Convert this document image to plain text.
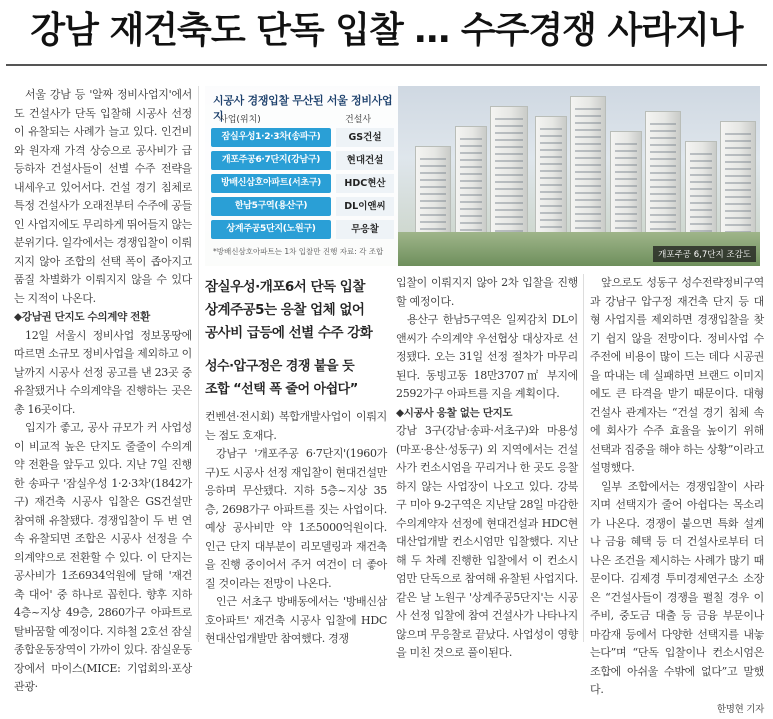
강남 재건축도 단독 입찰 … 수주경쟁 사라지나

서울 강남 등 '알짜 정비사업지'에서도 건설사가 단독 입찰해 시공사 선정이 유찰되는 사례가 늘고 있다. 인건비와 원자재 가격 상승으로 공사비가 급등하자 건설사들이 선별 수주 전략을 내세우고 있어서다. 건설 경기 침체로 특정 건설사가 오래전부터 수주에 공들인 사업지에도 무리하게 뛰어들지 않는 분위기다. 일각에서는 경쟁입찰이 이뤄지지 않아 조합의 선택 폭이 좁아지고 품질 차별화가 이뤄지지 않을 수 있다는 지적이 나온다.

◆강남권 단지도 수의계약 전환

12일 서울시 정비사업 정보몽땅에 따르면 소규모 정비사업을 제외하고 이날까지 시공사 선정 공고를 낸 23곳 중 유찰됐거나 수의계약을 진행하는 곳은 총 16곳이다.

입지가 좋고, 공사 규모가 커 사업성이 비교적 높은 단지도 줄줄이 수의계약 전환을 앞두고 있다. 지난 7일 진행한 송파구 '잠실우성 1·2·3차'(1842가구) 재건축 시공사 입찰은 GS건설만 참여해 유찰됐다. 경쟁입찰이 두 번 연속 유찰되면 조합은 시공사 선정을 수의계약으로 전환할 수 있다. 이 단지는 공사비가 1조6934억원에 달해 '재건축 대어' 중 하나로 꼽힌다. 향후 지하 4층~지상 49층, 2860가구 아파트로 탈바꿈할 예정이다. 지하철 2호선 잠실종합운동장역이 가까이 있다. 잠실운동장에서 마이스(MICE: 기업회의·포상관광·

개포주공 6,7단지 조감도
시공사 경쟁입찰 무산된 서울 정비사업지
사업(위치)	건설사
잠실우성1·2·3차(송파구)	GS건설
개포주공6·7단지(강남구)	현대건설
방배신삼호아파트(서초구)	HDC현산
한남5구역(용산구)	DL이앤씨
상계주공5단지(노원구)	무응찰
*방배신삼호아파트는 1차 입찰만 진행 자료: 각 조합
잠실우성·개포6서 단독 입찰
상계주공5는 응찰 업체 없어
공사비 급등에 선별 수주 강화
성수·압구정은 경쟁 붙을 듯
조합 “선택 폭 줄어 아쉽다”

컨벤션·전시회) 복합개발사업이 이뤄지는 점도 호재다.

강남구 '개포주공 6·7단지'(1960가구)도 시공사 선정 재입찰이 현대건설만 응하며 무산됐다. 지하 5층~지상 35층, 2698가구 아파트를 짓는 사업이다. 예상 공사비만 약 1조5000억원이다. 인근 단지 대부분이 리모델링과 재건축을 진행 중이어서 주거 여건이 더 좋아질 것이라는 전망이 나온다.

인근 서초구 방배동에서는 '방배신삼호아파트' 재건축 시공사 입찰에 HDC현대산업개발만 참여했다. 경쟁

입찰이 이뤄지지 않아 2차 입찰을 진행할 예정이다.

용산구 한남5구역은 일찌감치 DL이앤씨가 수의계약 우선협상 대상자로 선정됐다. 오는 31일 선정 절차가 마무리된다. 동빙고동 18만3707㎡ 부지에 2592가구 아파트를 지을 계획이다.

◆시공사 응찰 없는 단지도

강남 3구(강남·송파·서초구)와 마용성(마포·용산·성동구) 외 지역에서는 건설사가 컨소시엄을 꾸리거나 한 곳도 응찰하지 않는 사업장이 나오고 있다. 강북구 미아 9-2구역은 지난달 28일 마감한 수의계약자 선정에 현대건설과 HDC현대산업개발 컨소시엄만 입찰했다. 지난해 두 차례 진행한 입찰에서 이 컨소시엄만 단독으로 참여해 유찰된 사업지다. 같은 날 노원구 '상계주공5단지'는 시공사 선정 입찰에 참여 건설사가 나타나지 않으며 무응찰로 끝났다. 사업성이 영향을 미친 것으로 풀이된다.

앞으로도 성동구 성수전략정비구역과 강남구 압구정 재건축 단지 등 대형 사업지를 제외하면 경쟁입찰을 찾기 쉽지 않을 전망이다. 정비사업 수주전에 비용이 많이 드는 데다 시공권을 따내는 데 실패하면 브랜드 이미지에도 큰 타격을 받기 때문이다. 대형 건설사 관계자는 “건설 경기 침체 속에 회사가 수주 효율을 높이기 위해 선택과 집중을 해야 하는 상황”이라고 설명했다.

일부 조합에서는 경쟁입찰이 사라지며 선택지가 줄어 아쉽다는 목소리가 나온다. 경쟁이 붙으면 특화 설계나 금융 혜택 등 더 건설사로부터 더 나은 조건을 제시하는 사례가 많기 때문이다. 김제경 투미경제연구소 소장은 “건설사들이 경쟁을 펼칠 경우 이주비, 중도금 대출 등 금융 부문이나 마감재 등에서 다양한 선택지를 내놓는다”며 “단독 입찰이나 컨소시엄은 조합에 아쉬울 수밖에 없다”고 말했다.

한명현 기자
